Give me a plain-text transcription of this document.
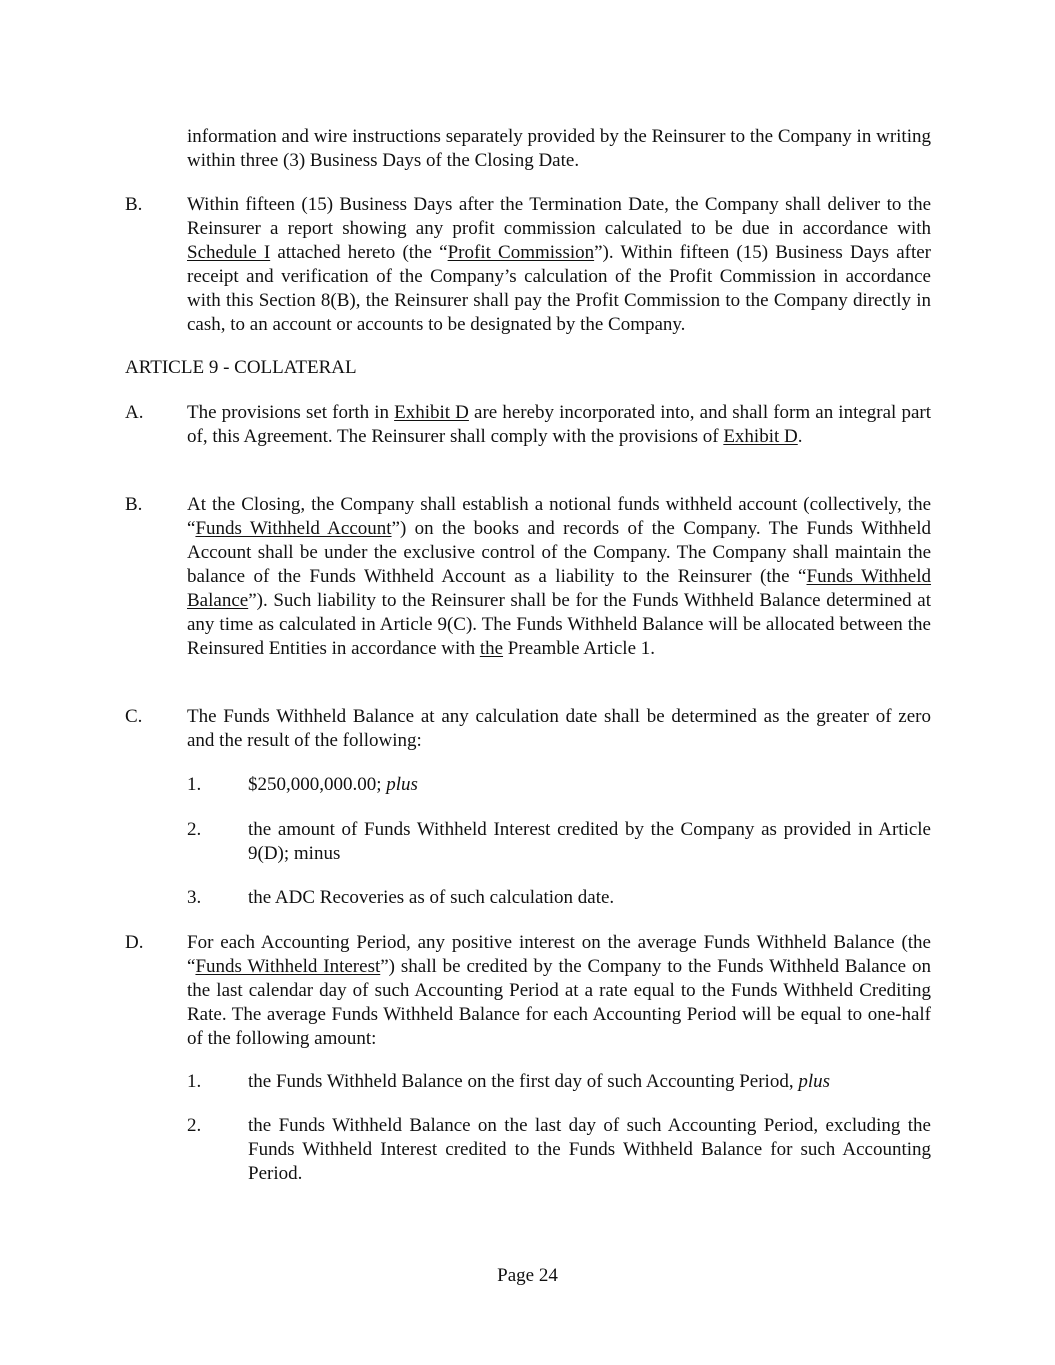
information and wire instructions separately provided by the Reinsurer to the Company in writing within three (3) Business Days of the Closing Date.

B. Within fifteen (15) Business Days after the Termination Date, the Company shall deliver to the Reinsurer a report showing any profit commission calculated to be due in accordance with Schedule I attached hereto (the “Profit Commission”). Within fifteen (15) Business Days after receipt and verification of the Company’s calculation of the Profit Commission in accordance with this Section 8(B), the Reinsurer shall pay the Profit Commission to the Company directly in cash, to an account or accounts to be designated by the Company.

ARTICLE 9 - COLLATERAL

A. The provisions set forth in Exhibit D are hereby incorporated into, and shall form an integral part of, this Agreement. The Reinsurer shall comply with the provisions of Exhibit D.

B. At the Closing, the Company shall establish a notional funds withheld account (collectively, the “Funds Withheld Account”) on the books and records of the Company. The Funds Withheld Account shall be under the exclusive control of the Company. The Company shall maintain the balance of the Funds Withheld Account as a liability to the Reinsurer (the “Funds Withheld Balance”). Such liability to the Reinsurer shall be for the Funds Withheld Balance determined at any time as calculated in Article 9(C). The Funds Withheld Balance will be allocated between the Reinsured Entities in accordance with the Preamble Article 1.

C. The Funds Withheld Balance at any calculation date shall be determined as the greater of zero and the result of the following:

1. $250,000,000.00; plus

2. the amount of Funds Withheld Interest credited by the Company as provided in Article 9(D); minus

3. the ADC Recoveries as of such calculation date.

D. For each Accounting Period, any positive interest on the average Funds Withheld Balance (the “Funds Withheld Interest”) shall be credited by the Company to the Funds Withheld Balance on the last calendar day of such Accounting Period at a rate equal to the Funds Withheld Crediting Rate. The average Funds Withheld Balance for each Accounting Period will be equal to one-half of the following amount:

1. the Funds Withheld Balance on the first day of such Accounting Period, plus

2. the Funds Withheld Balance on the last day of such Accounting Period, excluding the Funds Withheld Interest credited to the Funds Withheld Balance for such Accounting Period.

Page 24
